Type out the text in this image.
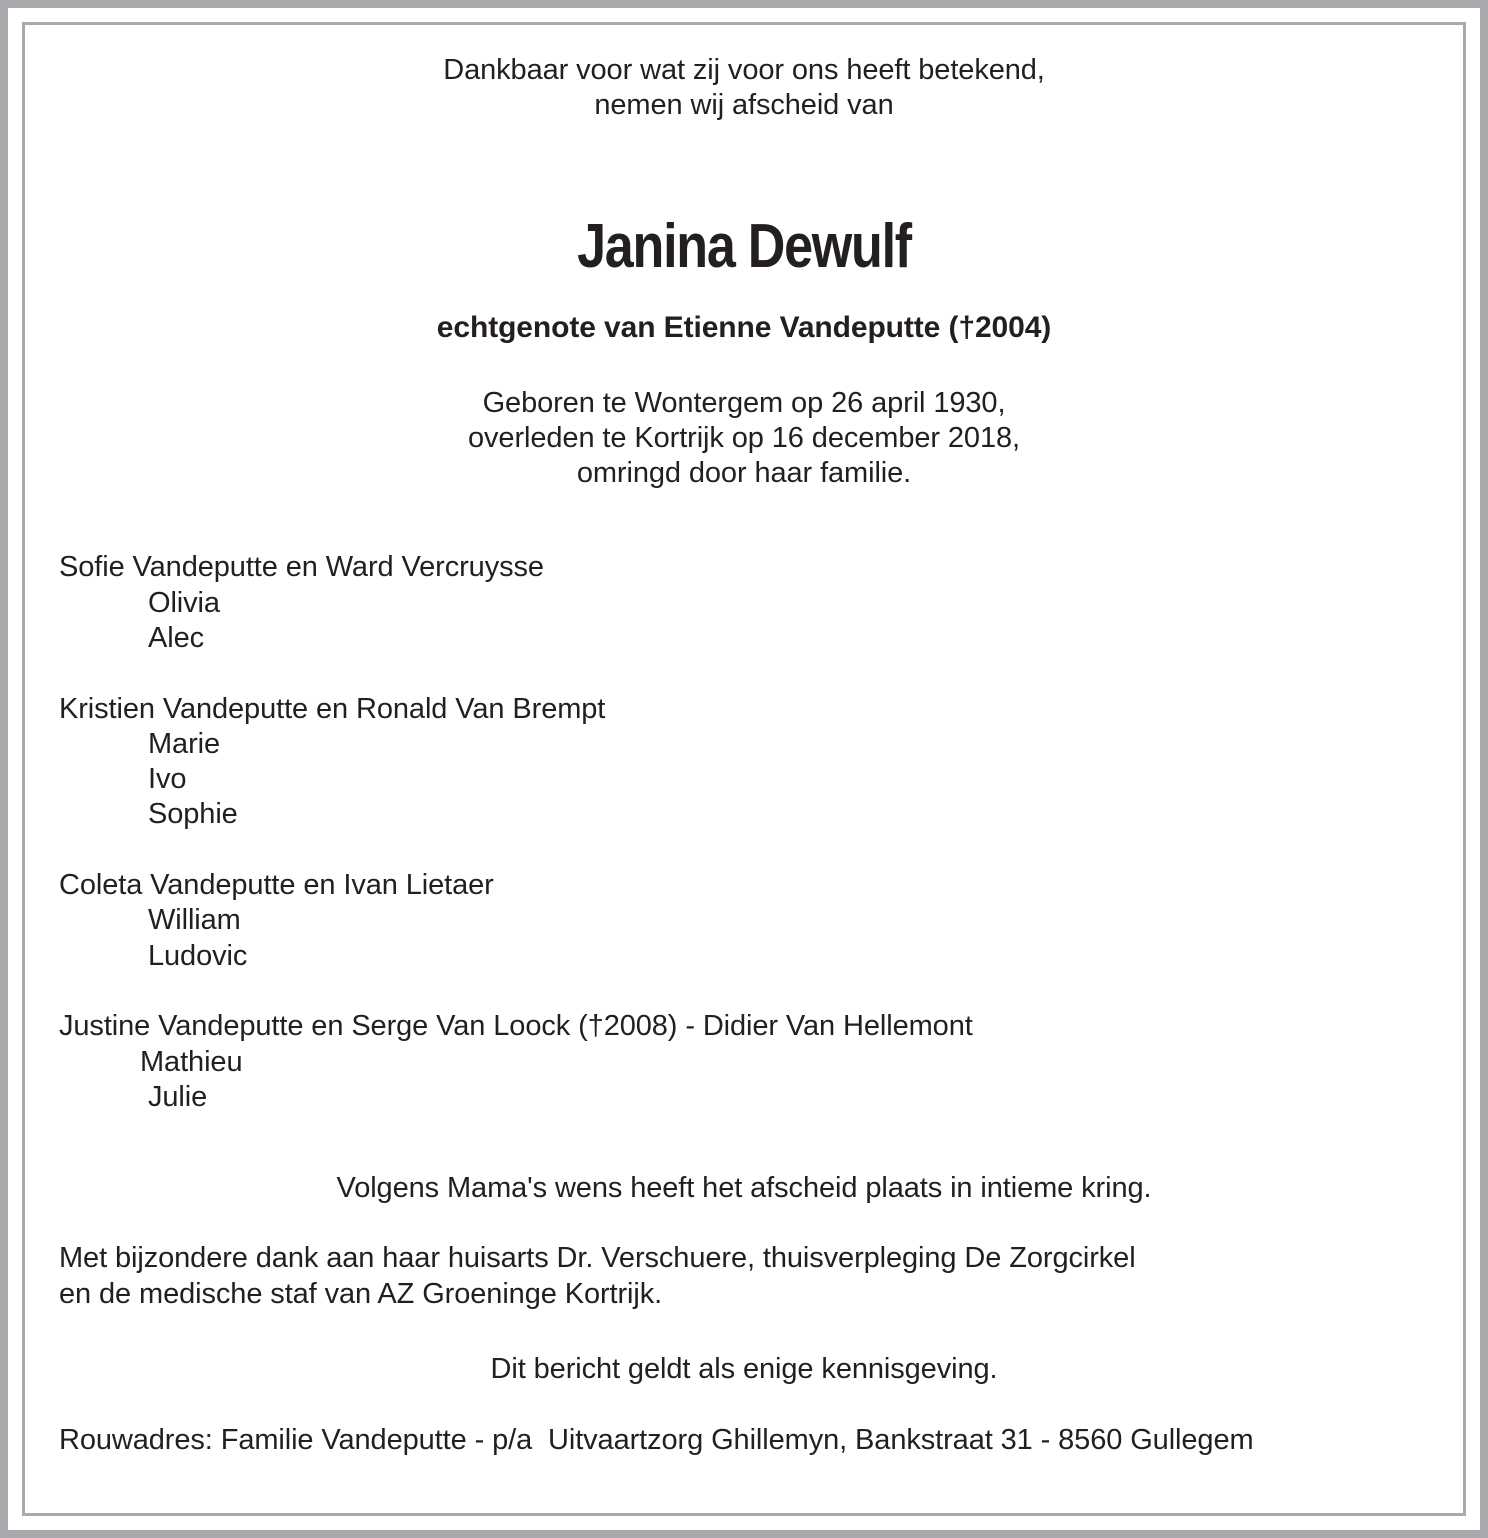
Dankbaar voor wat zij voor ons heeft betekend,
nemen wij afscheid van
Janina Dewulf
echtgenote van Etienne Vandeputte (†2004)
Geboren te Wontergem op 26 april 1930,
overleden te Kortrijk op 16 december 2018,
omringd door haar familie.
Sofie Vandeputte en Ward Vercruysse
Olivia
Alec
Kristien Vandeputte en Ronald Van Brempt
Marie
Ivo
Sophie
Coleta Vandeputte en Ivan Lietaer
William
Ludovic
Justine Vandeputte en Serge Van Loock (†2008) - Didier Van Hellemont
Mathieu
Julie
Volgens Mama's wens heeft het afscheid plaats in intieme kring.
Met bijzondere dank aan haar huisarts Dr. Verschuere, thuisverpleging De Zorgcirkel
en de medische staf van AZ Groeninge Kortrijk.
Dit bericht geldt als enige kennisgeving.
Rouwadres: Familie Vandeputte - p/a  Uitvaartzorg Ghillemyn, Bankstraat 31 - 8560 Gullegem
